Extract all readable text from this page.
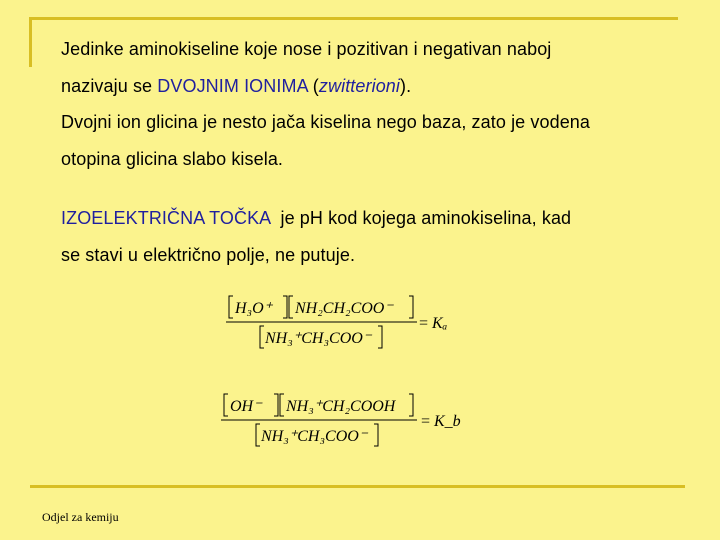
Jedinke aminokiseline koje nose i pozitivan i negativan naboj
nazivaju se DVOJNIM IONIMA (zwitterioni).
Dvojni ion glicina je nesto jača kiselina nego baza, zato je vodena
otopina glicina slabo kisela.
IZOELEKTRIČNA TOČKA  je pH kod kojega aminokiselina, kad
se stavi u električno polje, ne putuje.
H₃O⁺ NH₂CH₂COO⁻
NH₃⁺CH₃COO⁻
= Kₐ
OH⁻ NH₃⁺CH₂COOH
NH₃⁺CH₃COO⁻
= K_b
Odjel za kemiju
